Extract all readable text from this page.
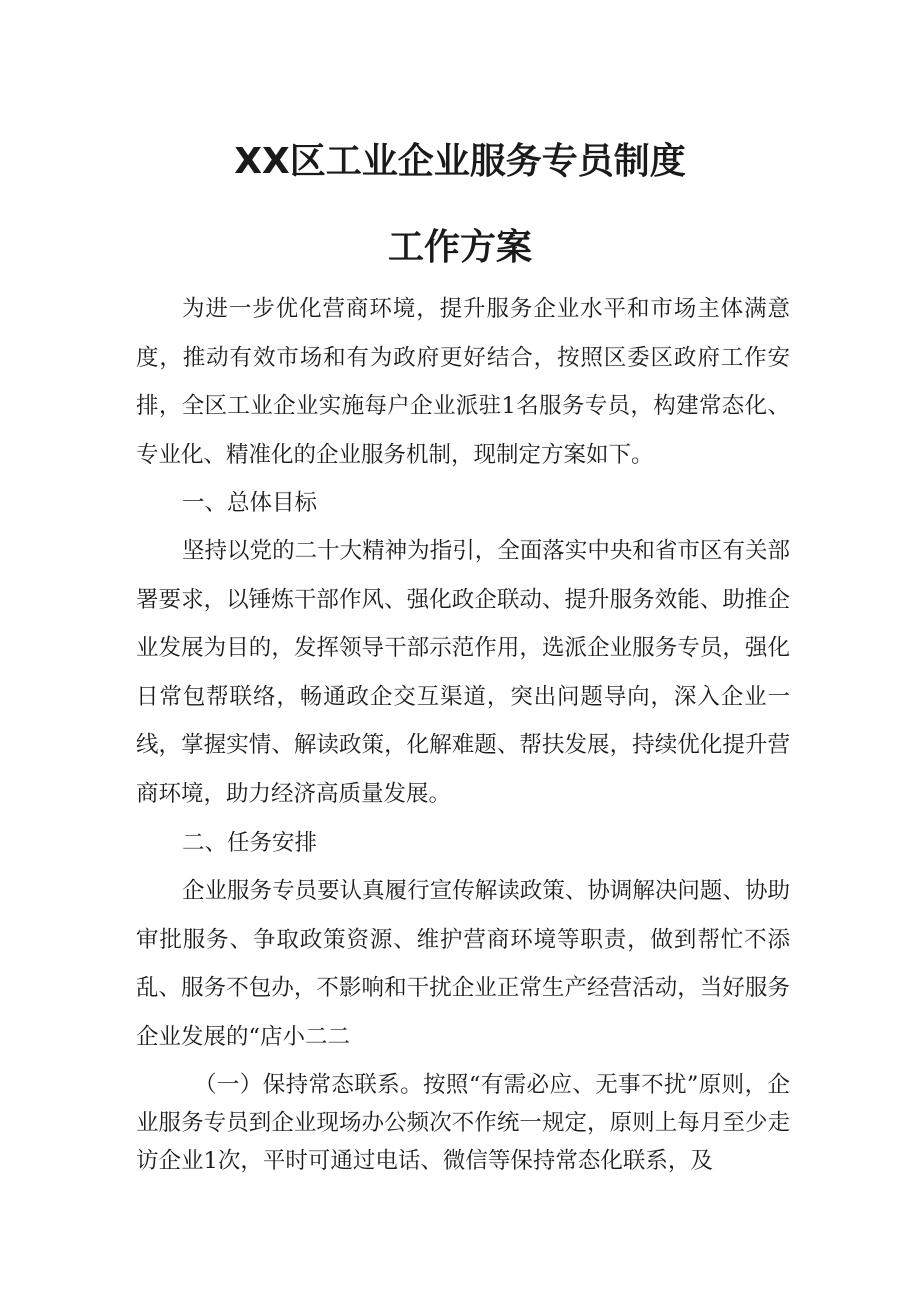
XX区工业企业服务专员制度
工作方案

为进一步优化营商环境，提升服务企业水平和市场主体满意度，推动有效市场和有为政府更好结合，按照区委区政府工作安排，全区工业企业实施每户企业派驻1名服务专员，构建常态化、专业化、精准化的企业服务机制，现制定方案如下。

一、总体目标

坚持以党的二十大精神为指引，全面落实中央和省市区有关部署要求，以锤炼干部作风、强化政企联动、提升服务效能、助推企业发展为目的，发挥领导干部示范作用，选派企业服务专员，强化日常包帮联络，畅通政企交互渠道，突出问题导向，深入企业一线，掌握实情、解读政策，化解难题、帮扶发展，持续优化提升营商环境，助力经济高质量发展。

二、任务安排

企业服务专员要认真履行宣传解读政策、协调解决问题、协助审批服务、争取政策资源、维护营商环境等职责，做到帮忙不添乱、服务不包办，不影响和干扰企业正常生产经营活动，当好服务企业发展的“店小二二

（一）保持常态联系。按照“有需必应、无事不扰”原则，企业服务专员到企业现场办公频次不作统一规定，原则上每月至少走访企业1次，平时可通过电话、微信等保持常态化联系，及
